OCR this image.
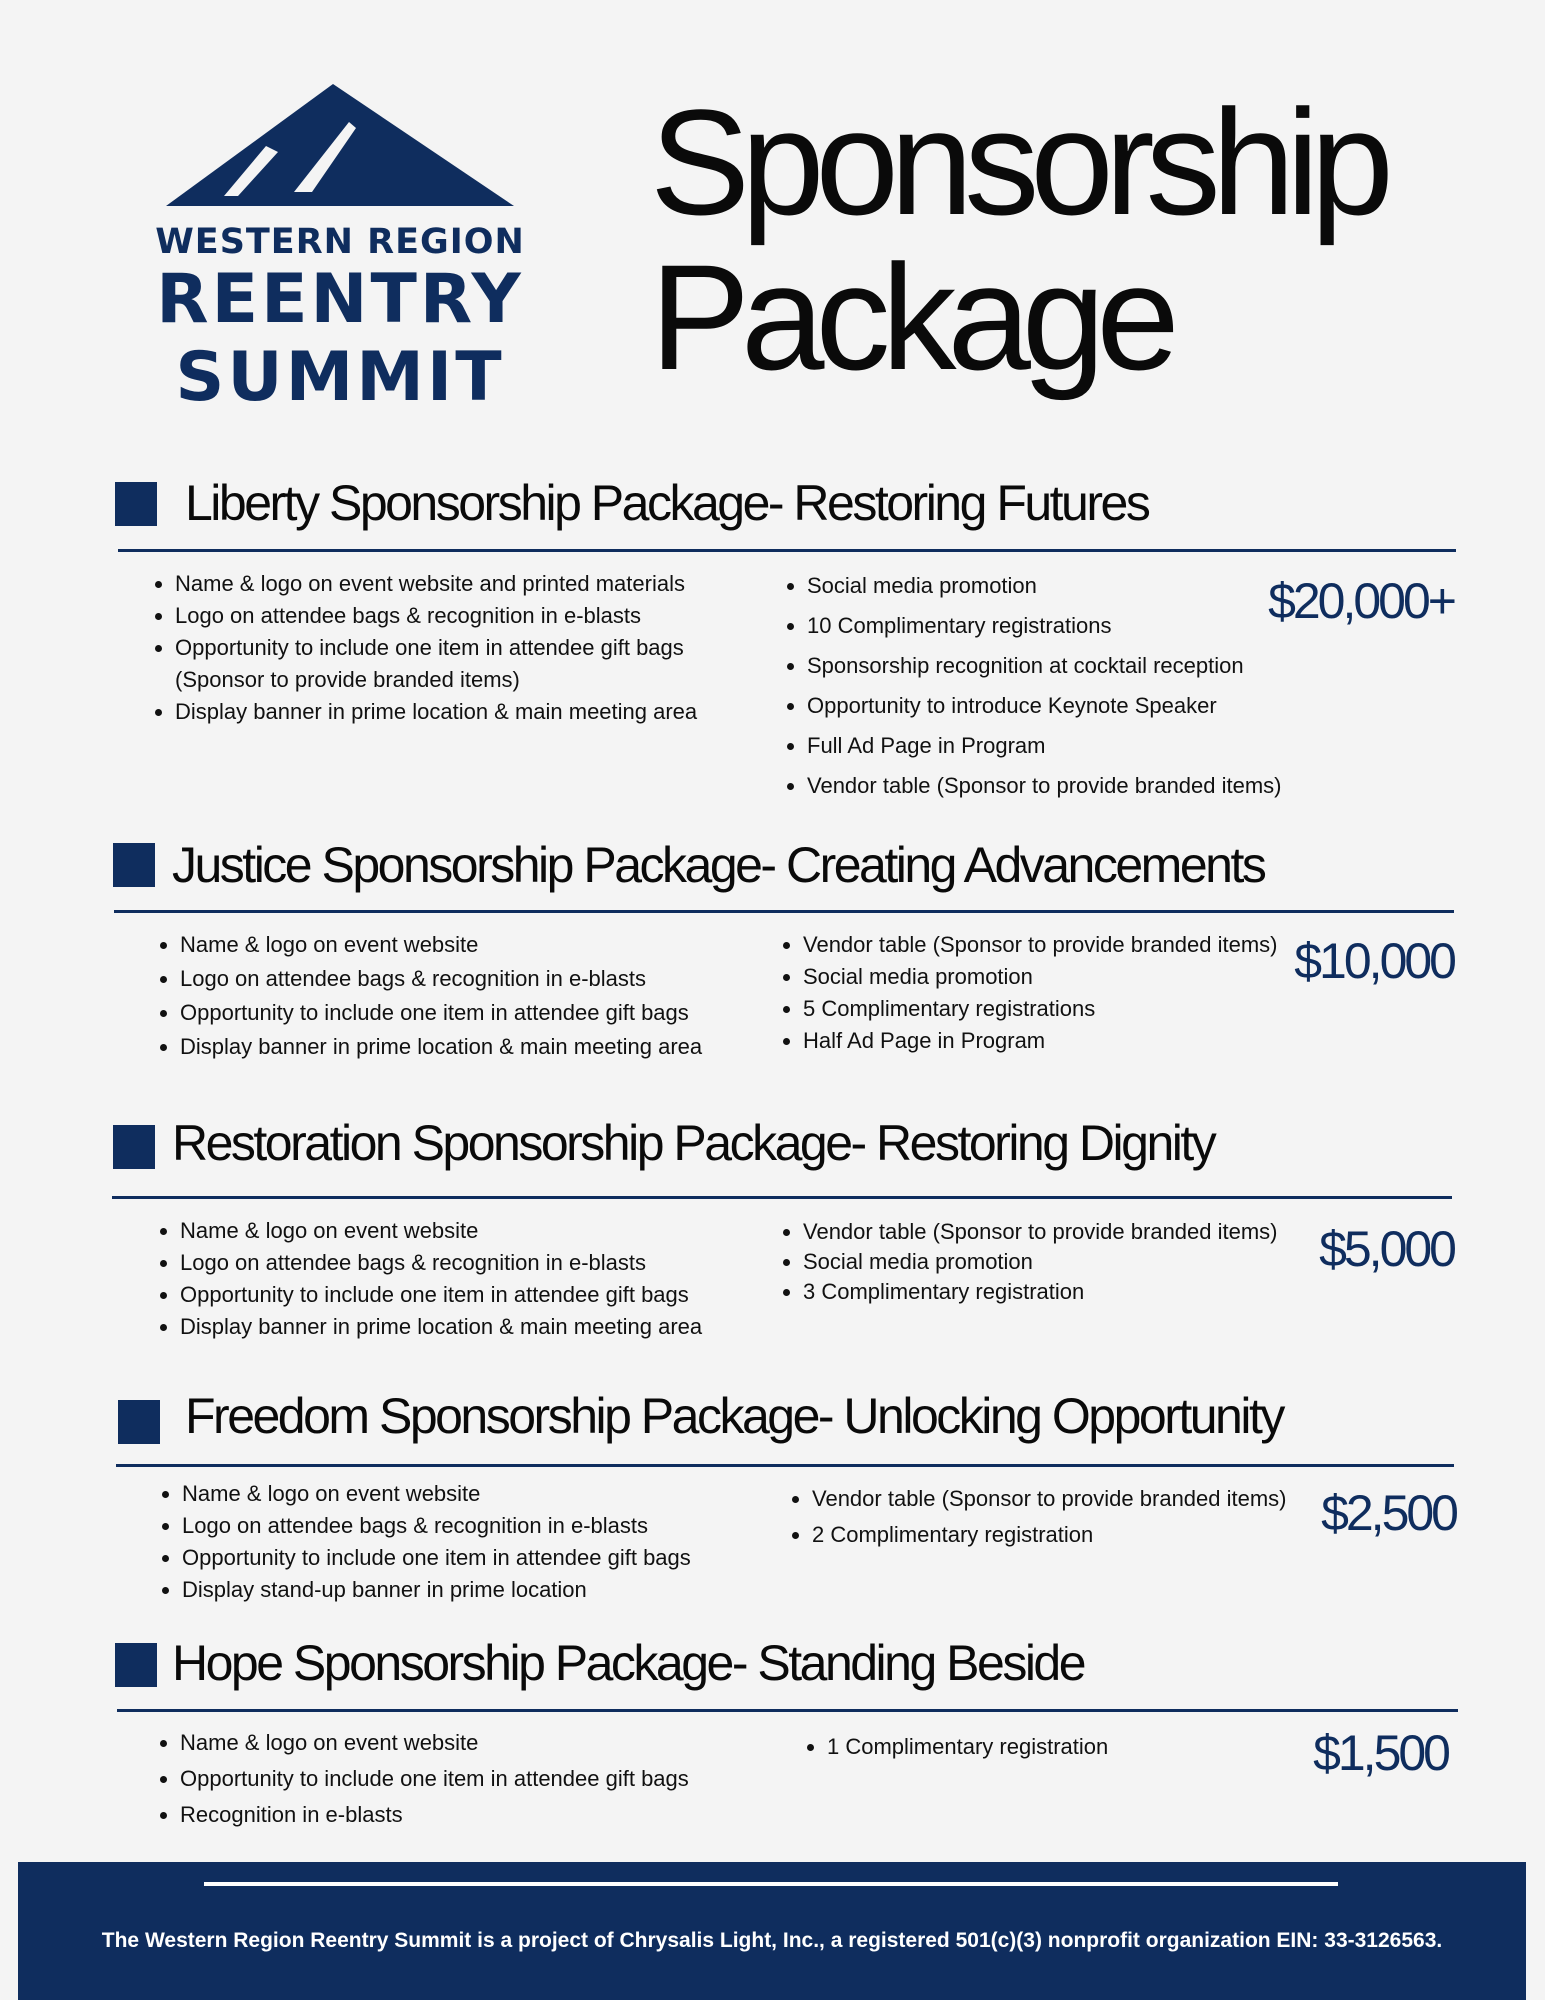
WESTERN REGION
REENTRY
SUMMIT
Sponsorship
Package
Liberty Sponsorship Package- Restoring Futures
$20,000+
• Name & logo on event website and printed materials
• Logo on attendee bags & recognition in e-blasts
• Opportunity to include one item in attendee gift bags (Sponsor to provide branded items)
• Display banner in prime location & main meeting area
• Social media promotion
• 10 Complimentary registrations
• Sponsorship recognition at cocktail reception
• Opportunity to introduce Keynote Speaker
• Full Ad Page in Program
• Vendor table (Sponsor to provide branded items)
Justice Sponsorship Package- Creating Advancements
$10,000
• Name & logo on event website
• Logo on attendee bags & recognition in e-blasts
• Opportunity to include one item in attendee gift bags
• Display banner in prime location & main meeting area
• Vendor table (Sponsor to provide branded items)
• Social media promotion
• 5 Complimentary registrations
• Half Ad Page in Program
Restoration Sponsorship Package- Restoring Dignity
$5,000
• Name & logo on event website
• Logo on attendee bags & recognition in e-blasts
• Opportunity to include one item in attendee gift bags
• Display banner in prime location & main meeting area
• Vendor table (Sponsor to provide branded items)
• Social media promotion
• 3 Complimentary registration
Freedom Sponsorship Package- Unlocking Opportunity
$2,500
• Name & logo on event website
• Logo on attendee bags & recognition in e-blasts
• Opportunity to include one item in attendee gift bags
• Display stand-up banner in prime location
• Vendor table (Sponsor to provide branded items)
• 2 Complimentary registration
Hope Sponsorship Package- Standing Beside
$1,500
• Name & logo on event website
• Opportunity to include one item in attendee gift bags
• Recognition in e-blasts
• 1 Complimentary registration
The Western Region Reentry Summit is a project of Chrysalis Light, Inc., a registered 501(c)(3) nonprofit organization EIN: 33-3126563.
